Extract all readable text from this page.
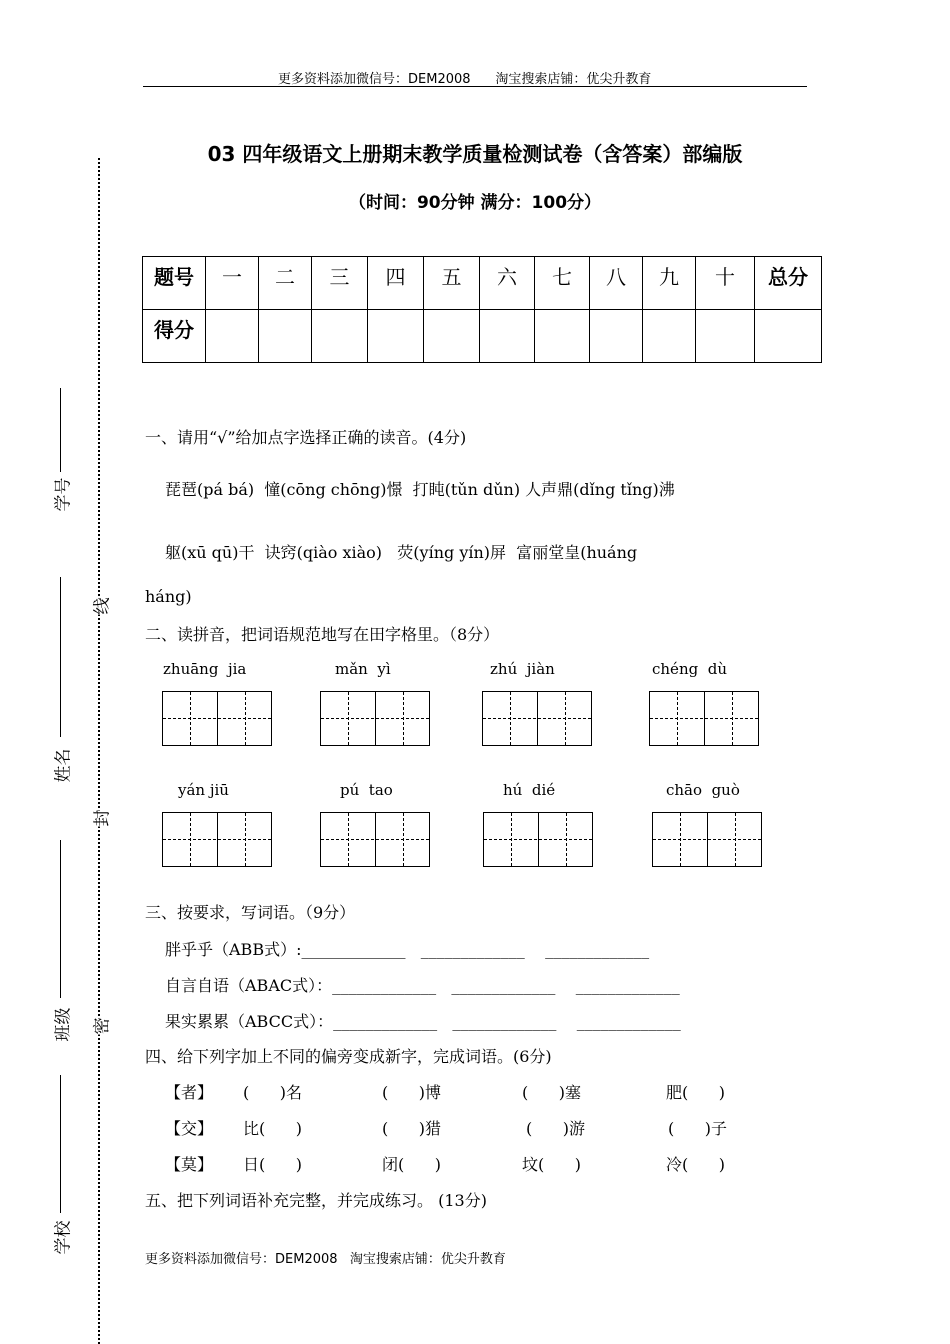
更多资料添加微信号：DEM2008      淘宝搜索店铺：优尖升教育
03 四年级语文上册期末教学质量检测试卷（含答案）部编版
（时间：90分钟 满分：100分）
题号	一	二	三	四	五	六	七	八	九	十	总分
得分											
一、请用“√”给加点字选择正确的读音。(4分)
琵琶(pá bá)  憧(cōng chōng)憬  打盹(tǔn dǔn) 人声鼎(dǐng tǐng)沸
躯(xū qū)干  诀窍(qiào xiào)   荧(yíng yín)屏  富丽堂皇(huáng
háng)
二、读拼音，把词语规范地写在田字格里。（8分）
zhuāng  jia	mǎn  yì	zhú  jiàn	chéng  dù
yán jiū	pú  tao	hú  dié	chāo  guò
三、按要求，写词语。（9分）
胖乎乎（ABB式）:_____________   _____________    _____________
自言自语（ABAC式）：_____________   _____________    _____________
果实累累（ABCC式）：_____________   _____________    _____________
四、给下列字加上不同的偏旁变成新字，完成词语。(6分)
【者】 (      )名	(      )博	(      )塞	肥(      )
【交】 比(      )	(      )猎	(      )游	(      )子
【莫】 日(      )	闭(      )	坟(      )	冷(      )
五、把下列词语补充完整，并完成练习。 (13分)
更多资料添加微信号：DEM2008   淘宝搜索店铺：优尖升教育
学号
姓名
班级
学校
线
封
密
